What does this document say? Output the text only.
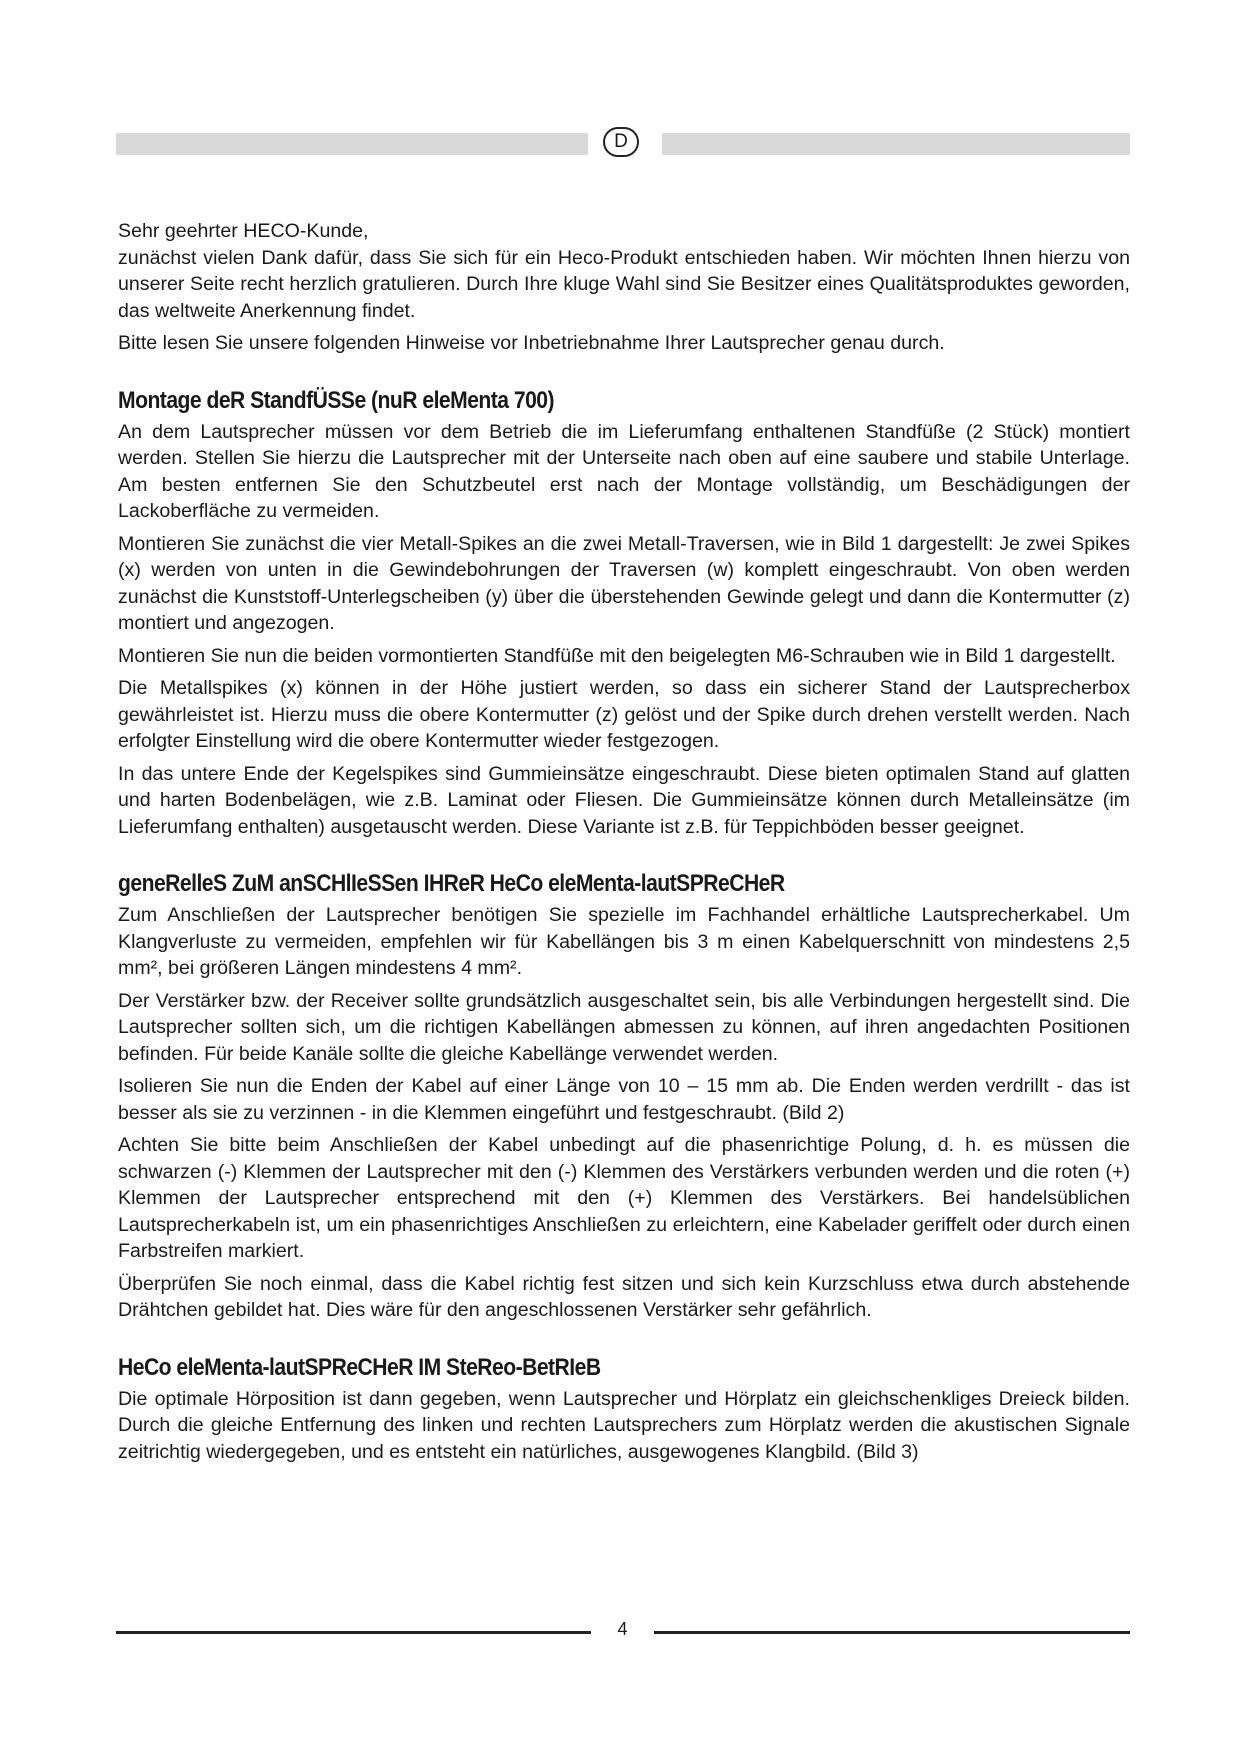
D

Sehr geehrter HECO-Kunde,

zunächst vielen Dank dafür, dass Sie sich für ein Heco-Produkt entschieden haben. Wir möchten Ihnen hierzu von unserer Seite recht herzlich gratulieren. Durch Ihre kluge Wahl sind Sie Besitzer eines Qualitätsproduktes geworden, das weltweite Anerkennung findet.

Bitte lesen Sie unsere folgenden Hinweise vor Inbetriebnahme Ihrer Lautsprecher genau durch.

Montage deR StandfÜSSe (nuR eleMenta 700)

An dem Lautsprecher müssen vor dem Betrieb die im Lieferumfang enthaltenen Standfüße (2 Stück) montiert werden. Stellen Sie hierzu die Lautsprecher mit der Unterseite nach oben auf eine saubere und stabile Unterlage. Am besten entfernen Sie den Schutzbeutel erst nach der Montage vollständig, um Beschädigungen der Lackoberfläche zu vermeiden.

Montieren Sie zunächst die vier Metall-Spikes an die zwei Metall-Traversen, wie in Bild 1 dargestellt: Je zwei Spikes (x) werden von unten in die Gewindebohrungen der Traversen (w) komplett eingeschraubt. Von oben werden zunächst die Kunststoff-Unterlegscheiben (y) über die überstehenden Gewinde gelegt und dann die Kontermutter (z) montiert und angezogen.

Montieren Sie nun die beiden vormontierten Standfüße mit den beigelegten M6-Schrauben wie in Bild 1 dargestellt.

Die Metallspikes (x) können in der Höhe justiert werden, so dass ein sicherer Stand der Lautsprecherbox gewährleistet ist. Hierzu muss die obere Kontermutter (z) gelöst und der Spike durch drehen verstellt werden. Nach erfolgter Einstellung wird die obere Kontermutter wieder festgezogen.

In das untere Ende der Kegelspikes sind Gummieinsätze eingeschraubt. Diese bieten optimalen Stand auf glatten und harten Bodenbelägen, wie z.B. Laminat oder Fliesen. Die Gummieinsätze können durch Metalleinsätze (im Lieferumfang enthalten) ausgetauscht werden. Diese Variante ist z.B. für Teppichböden besser geeignet.

geneRelleS ZuM anSCHlIeSSen IHReR HeCo eleMenta-lautSPReCHeR

Zum Anschließen der Lautsprecher benötigen Sie spezielle im Fachhandel erhältliche Lautsprecherkabel. Um Klangverluste zu vermeiden, empfehlen wir für Kabellängen bis 3 m einen Kabelquerschnitt von mindestens 2,5 mm², bei größeren Längen mindestens 4 mm².

Der Verstärker bzw. der Receiver sollte grundsätzlich ausgeschaltet sein, bis alle Verbindungen hergestellt sind. Die Lautsprecher sollten sich, um die richtigen Kabellängen abmessen zu können, auf ihren angedachten Positionen befinden. Für beide Kanäle sollte die gleiche Kabellänge verwendet werden.

Isolieren Sie nun die Enden der Kabel auf einer Länge von 10 – 15 mm ab. Die Enden werden verdrillt - das ist besser als sie zu verzinnen - in die Klemmen eingeführt und festgeschraubt. (Bild 2)

Achten Sie bitte beim Anschließen der Kabel unbedingt auf die phasenrichtige Polung, d. h. es müssen die schwarzen (-) Klemmen der Lautsprecher mit den (-) Klemmen des Verstärkers verbunden werden und die roten (+) Klemmen der Lautsprecher entsprechend mit den (+) Klemmen des Verstärkers. Bei handelsüblichen Lautsprecherkabeln ist, um ein phasenrichtiges Anschließen zu erleichtern, eine Kabelader geriffelt oder durch einen Farbstreifen markiert.

Überprüfen Sie noch einmal, dass die Kabel richtig fest sitzen und sich kein Kurzschluss etwa durch abstehende Drähtchen gebildet hat. Dies wäre für den angeschlossenen Verstärker sehr gefährlich.

HeCo eleMenta-lautSPReCHeR IM SteReo-BetRIeB

Die optimale Hörposition ist dann gegeben, wenn Lautsprecher und Hörplatz ein gleichschenkliges Dreieck bilden. Durch die gleiche Entfernung des linken und rechten Lautsprechers zum Hörplatz werden die akustischen Signale zeitrichtig wiedergegeben, und es entsteht ein natürliches, ausgewogenes Klangbild. (Bild 3)

4
